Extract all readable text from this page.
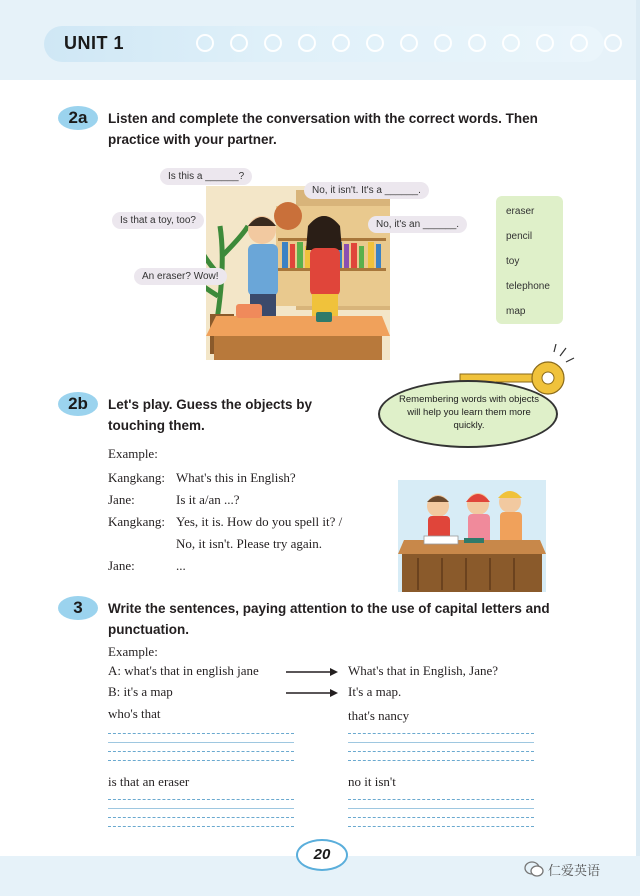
UNIT 1
2a	Listen and complete the conversation with the correct words. Then practice with your partner.
Is this a ______?
No, it isn't. It's a ______.
Is that a toy, too?	No, it's an ______.
An eraser? Wow!
eraser
pencil
toy
telephone
map
2b	Let's play. Guess the objects by touching them.
Remembering words with objects will help you learn them more quickly.
Example:
Kangkang: What's this in English?
Jane:	Is it a/an ...?
Kangkang: Yes, it is. How do you spell it? /
No, it isn't. Please try again.
Jane:	...
3	Write the sentences, paying attention to the use of capital letters and punctuation.
Example:
A: what's that in english jane	What's that in English, Jane?
B: it's a map	It's a map.
who's that	that's nancy
is that an eraser	no it isn't
20
仁爱英语
